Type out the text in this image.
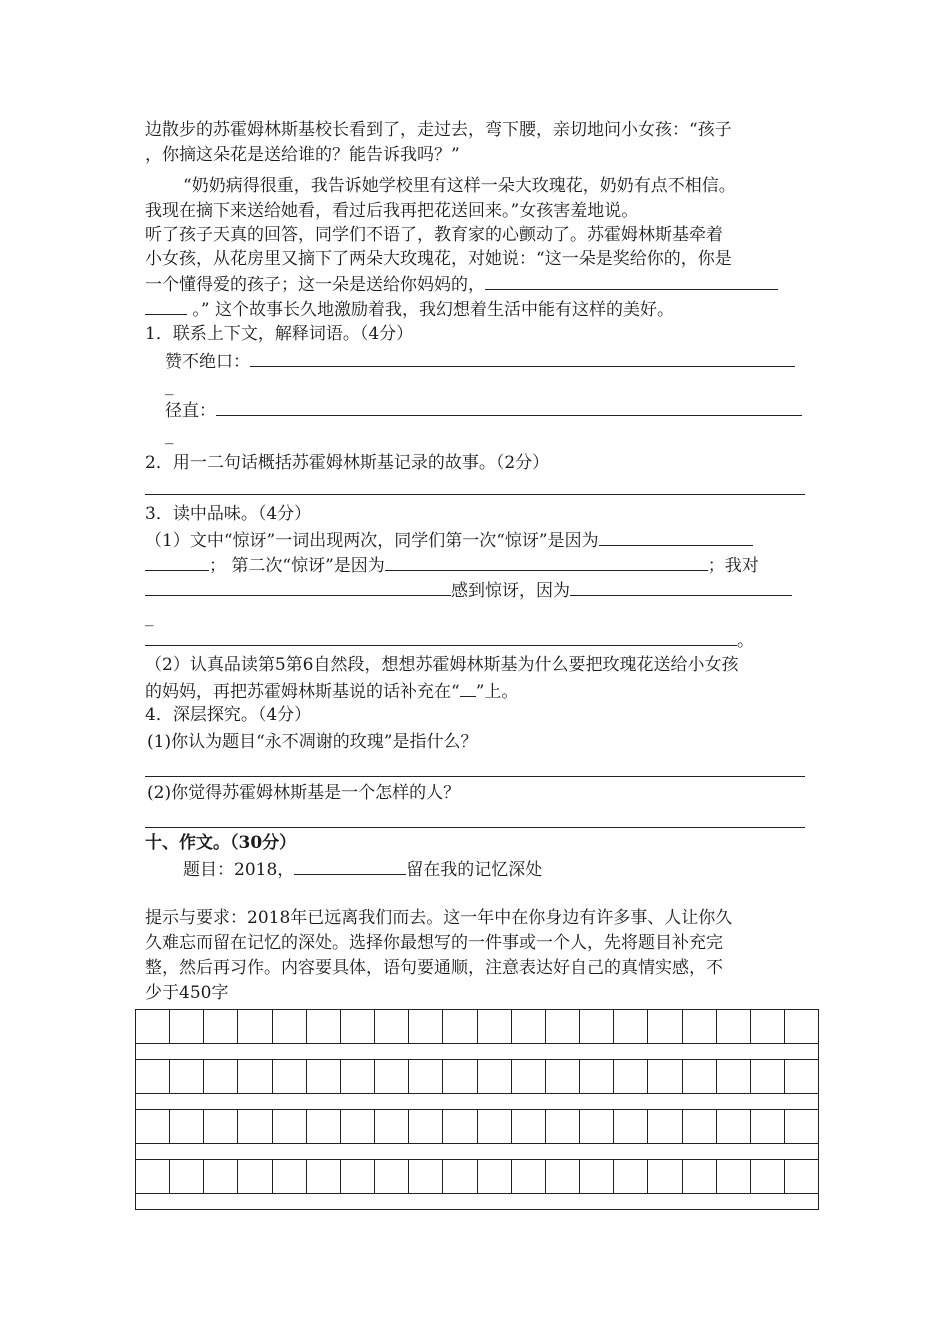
边散步的苏霍姆林斯基校长看到了，走过去，弯下腰，亲切地问小女孩：“孩子
，你摘这朵花是送给谁的？能告诉我吗？”
“奶奶病得很重，我告诉她学校里有这样一朵大玫瑰花，奶奶有点不相信。
我现在摘下来送给她看，看过后我再把花送回来。”女孩害羞地说。
听了孩子天真的回答，同学们不语了，教育家的心颤动了。苏霍姆林斯基牵着
小女孩，从花房里又摘下了两朵大玫瑰花，对她说：“这一朵是奖给你的，你是
一个懂得爱的孩子；这一朵是送给你妈妈的，
。” 这个故事长久地激励着我，我幻想着生活中能有这样的美好。
1．联系上下文，解释词语。（4分）
赞不绝口：
_
径直：
_
2．用一二句话概括苏霍姆林斯基记录的故事。（2分）
3．读中品味。（4分）
（1）文中“惊讶”一词出现两次，同学们第一次“惊讶”是因为
； 第二次“惊讶”是因为	；我对
感到惊讶，因为
_
。
（2）认真品读第5第6自然段，想想苏霍姆林斯基为什么要把玫瑰花送给小女孩
的妈妈，再把苏霍姆林斯基说的话补充在“ ”上。
4．深层探究。（4分）
(1)你认为题目“永不凋谢的玫瑰”是指什么？
(2)你觉得苏霍姆林斯基是一个怎样的人？
十、作文。（30分）
题目：2018，	留在我的记忆深处
提示与要求：2018年已远离我们而去。这一年中在你身边有许多事、人让你久
久难忘而留在记忆的深处。选择你最想写的一件事或一个人，先将题目补充完
整，然后再习作。内容要具体，语句要通顺，注意表达好自己的真情实感，不
少于450字
